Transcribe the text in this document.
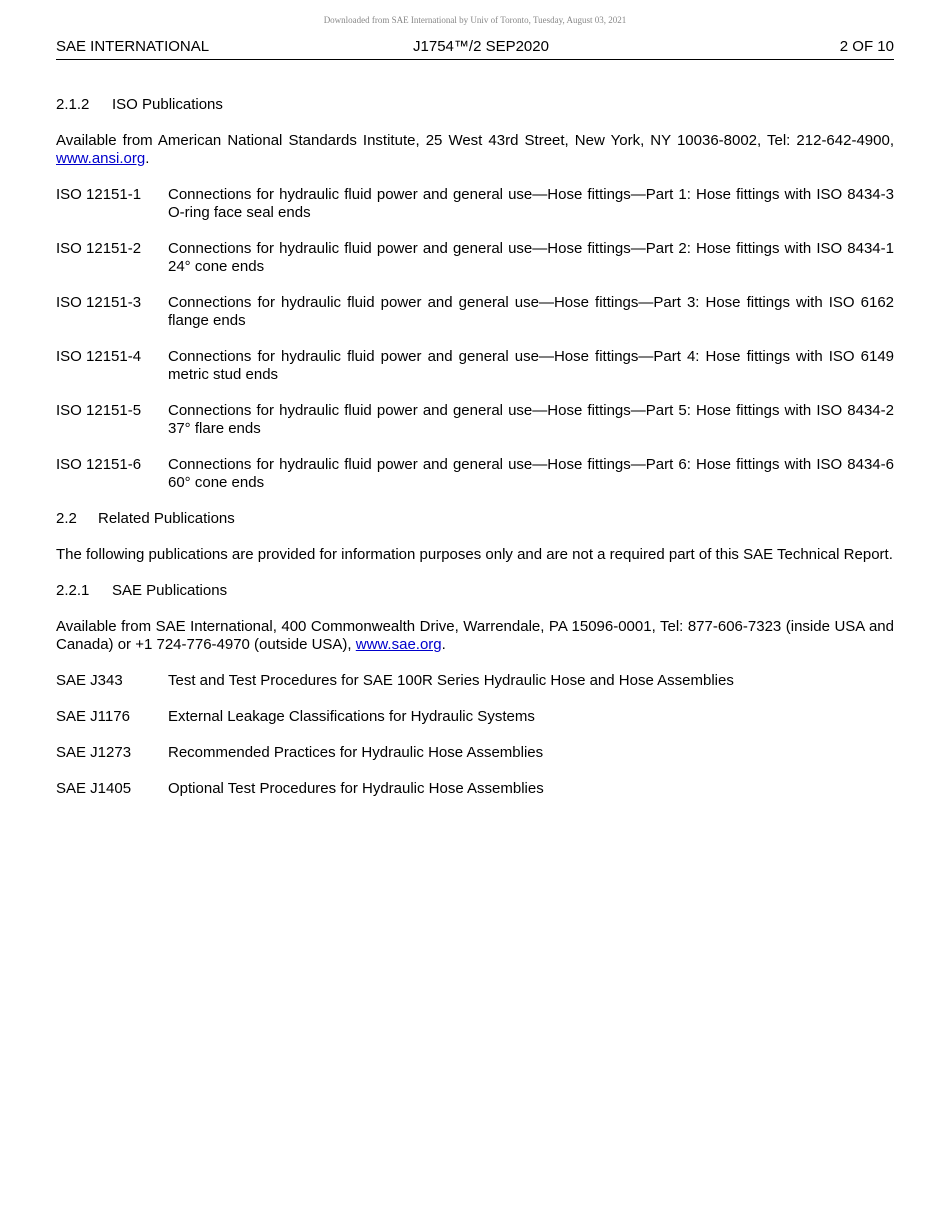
Downloaded from SAE International by Univ of Toronto, Tuesday, August 03, 2021
SAE INTERNATIONAL	J1754™/2 SEP2020	2 OF 10
2.1.2 ISO Publications
Available from American National Standards Institute, 25 West 43rd Street, New York, NY 10036-8002, Tel: 212-642-4900, www.ansi.org.
ISO 12151-1	Connections for hydraulic fluid power and general use—Hose fittings—Part 1: Hose fittings with ISO 8434-3 O-ring face seal ends
ISO 12151-2	Connections for hydraulic fluid power and general use—Hose fittings—Part 2: Hose fittings with ISO 8434-1 24° cone ends
ISO 12151-3	Connections for hydraulic fluid power and general use—Hose fittings—Part 3: Hose fittings with ISO 6162 flange ends
ISO 12151-4	Connections for hydraulic fluid power and general use—Hose fittings—Part 4: Hose fittings with ISO 6149 metric stud ends
ISO 12151-5	Connections for hydraulic fluid power and general use—Hose fittings—Part 5: Hose fittings with ISO 8434-2 37° flare ends
ISO 12151-6	Connections for hydraulic fluid power and general use—Hose fittings—Part 6: Hose fittings with ISO 8434-6 60° cone ends
2.2 Related Publications
The following publications are provided for information purposes only and are not a required part of this SAE Technical Report.
2.2.1 SAE Publications
Available from SAE International, 400 Commonwealth Drive, Warrendale, PA 15096-0001, Tel: 877-606-7323 (inside USA and Canada) or +1 724-776-4970 (outside USA), www.sae.org.
SAE J343	Test and Test Procedures for SAE 100R Series Hydraulic Hose and Hose Assemblies
SAE J1176	External Leakage Classifications for Hydraulic Systems
SAE J1273	Recommended Practices for Hydraulic Hose Assemblies
SAE J1405	Optional Test Procedures for Hydraulic Hose Assemblies
